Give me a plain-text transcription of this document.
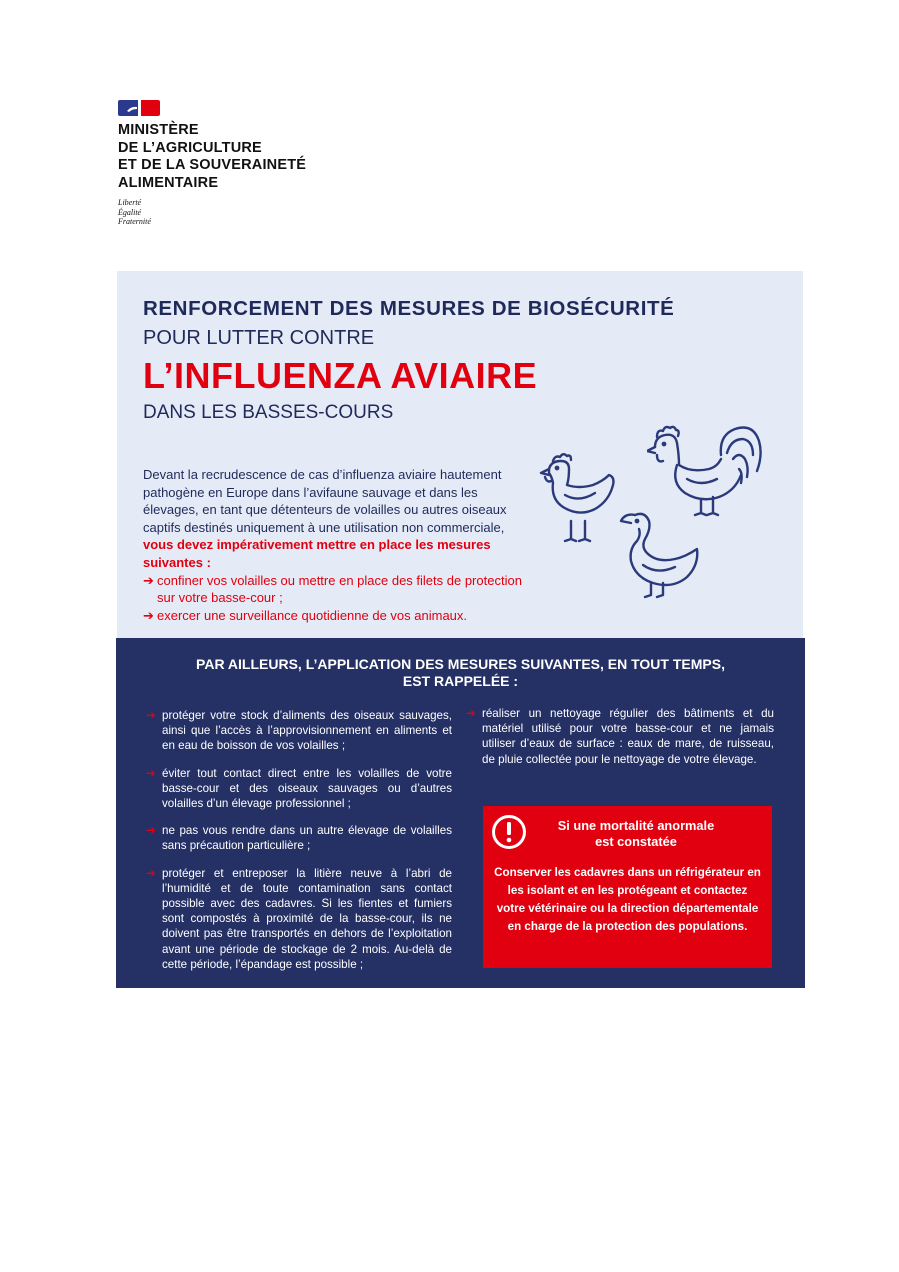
MINISTÈRE
DE L’AGRICULTURE
ET DE LA SOUVERAINETÉ
ALIMENTAIRE
Liberté
Égalité
Fraternité
RENFORCEMENT DES MESURES DE BIOSÉCURITÉ
POUR LUTTER CONTRE
L’INFLUENZA AVIAIRE
DANS LES BASSES-COURS
Devant la recrudescence de cas d’influenza aviaire hautement pathogène en Europe dans l’avifaune sauvage et dans les élevages, en tant que détenteurs de volailles ou autres oiseaux captifs destinés uniquement à une utilisation non commerciale, vous devez impérativement mettre en place les mesures suivantes :
➔ confiner vos volailles ou mettre en place des filets de protection sur votre basse-cour ;
➔ exercer une surveillance quotidienne de vos animaux.
PAR AILLEURS, L’APPLICATION DES MESURES SUIVANTES, EN TOUT TEMPS,
EST RAPPELÉE :

➔ protéger votre stock d’aliments des oiseaux sauvages, ainsi que l’accès à l’approvisionnement en aliments et en eau de boisson de vos volailles ;

➔ éviter tout contact direct entre les volailles de votre basse-cour et des oiseaux sauvages ou d’autres volailles d’un élevage professionnel ;

➔ ne pas vous rendre dans un autre élevage de volailles sans précaution particulière ;

➔ protéger et entreposer la litière neuve à l’abri de l’humidité et de toute contamination sans contact possible avec des cadavres. Si les fientes et fumiers sont compostés à proximité de la basse-cour, ils ne doivent pas être transportés en dehors de l’exploitation avant une période de stockage de 2 mois. Au-delà de cette période, l’épandage est possible ;

➔ réaliser un nettoyage régulier des bâtiments et du matériel utilisé pour votre basse-cour et ne jamais utiliser d’eaux de surface : eaux de mare, de ruisseau, de pluie collectée pour le nettoyage de votre élevage.

Si une mortalité anormale
est constatée
Conserver les cadavres dans un réfrigérateur en les isolant et en les protégeant et contactez votre vétérinaire ou la direction départementale en charge de la protection des populations.
